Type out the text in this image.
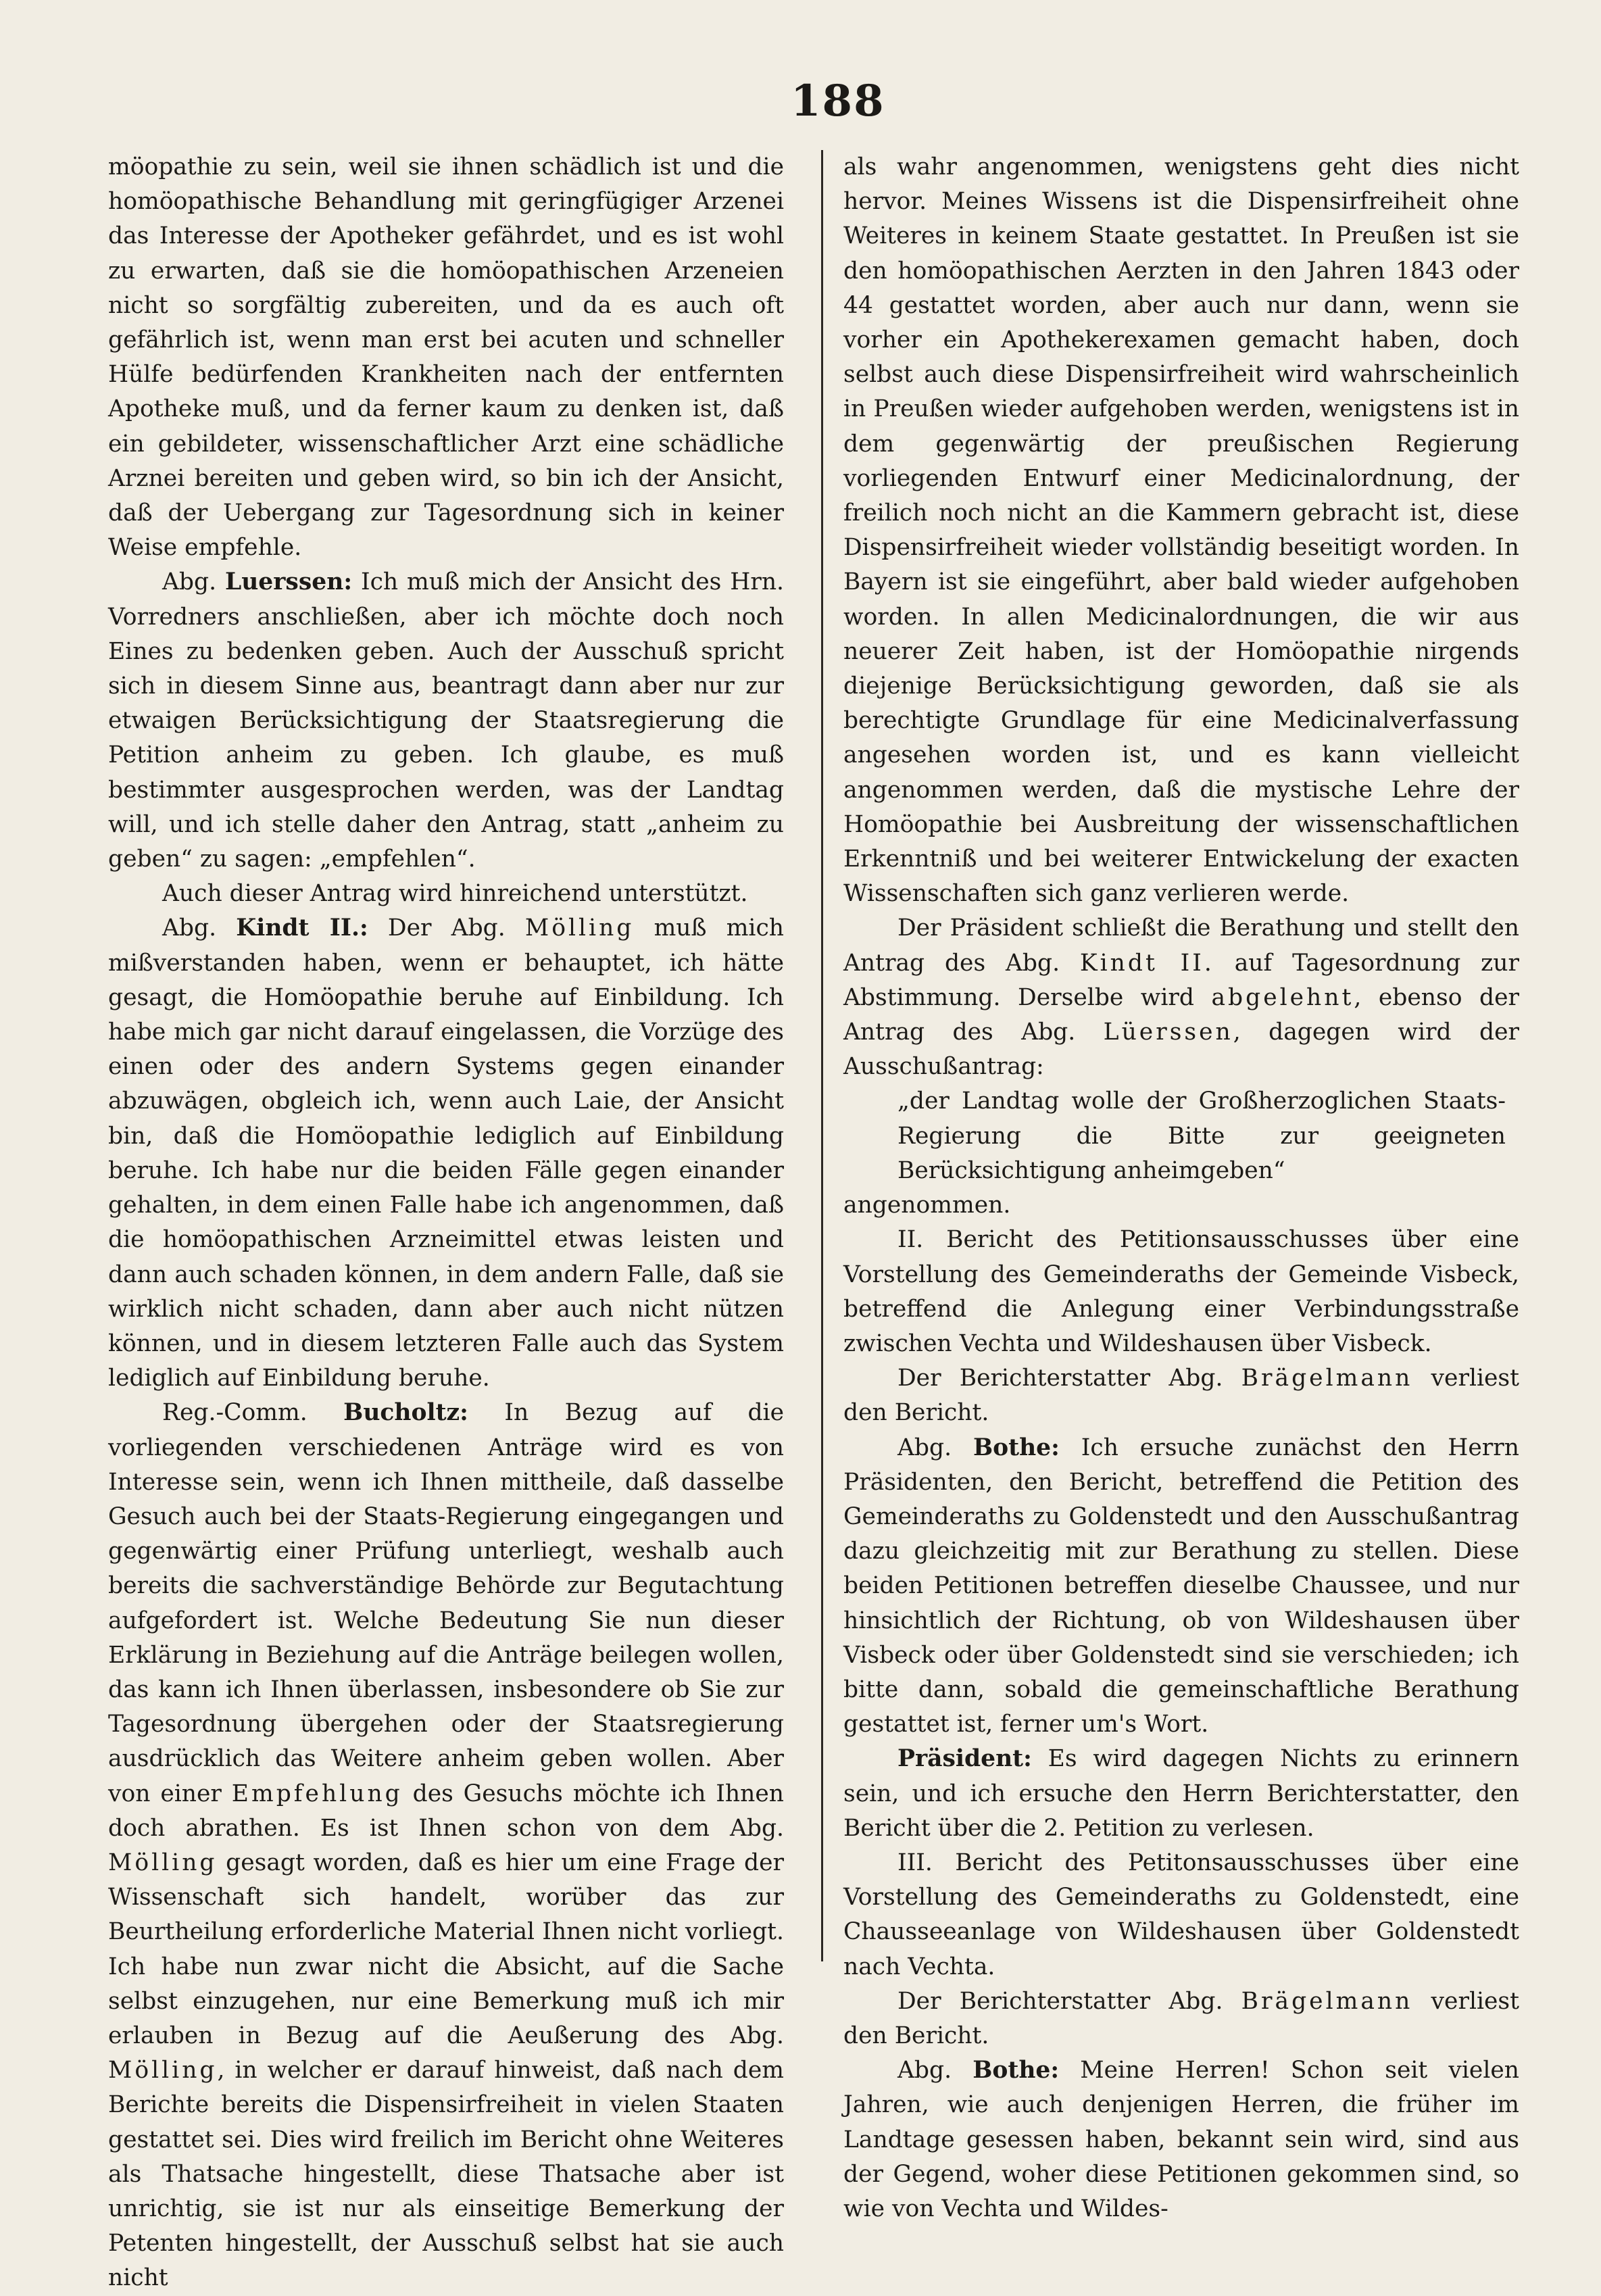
188

möopathie zu sein, weil sie ihnen schädlich ist und die homöopathische Behandlung mit geringfügiger Arzenei das Interesse der Apotheker gefährdet, und es ist wohl zu erwarten, daß sie die homöopathischen Arzeneien nicht so sorgfältig zubereiten, und da es auch oft gefährlich ist, wenn man erst bei acuten und schneller Hülfe bedürfenden Krankheiten nach der entfernten Apotheke muß, und da ferner kaum zu denken ist, daß ein gebildeter, wissenschaftlicher Arzt eine schädliche Arznei bereiten und geben wird, so bin ich der Ansicht, daß der Uebergang zur Tagesordnung sich in keiner Weise empfehle.

Abg. Luerssen: Ich muß mich der Ansicht des Hrn. Vorredners anschließen, aber ich möchte doch noch Eines zu bedenken geben. Auch der Ausschuß spricht sich in diesem Sinne aus, beantragt dann aber nur zur etwaigen Berücksichtigung der Staatsregierung die Petition anheim zu geben. Ich glaube, es muß bestimmter ausgesprochen werden, was der Landtag will, und ich stelle daher den Antrag, statt „anheim zu geben“ zu sagen: „empfehlen“.

Auch dieser Antrag wird hinreichend unterstützt.

Abg. Kindt II.: Der Abg. Mölling muß mich mißverstanden haben, wenn er behauptet, ich hätte gesagt, die Homöopathie beruhe auf Einbildung. Ich habe mich gar nicht darauf eingelassen, die Vorzüge des einen oder des andern Systems gegen einander abzuwägen, obgleich ich, wenn auch Laie, der Ansicht bin, daß die Homöopathie lediglich auf Einbildung beruhe. Ich habe nur die beiden Fälle gegen einander gehalten, in dem einen Falle habe ich angenommen, daß die homöopathischen Arzneimittel etwas leisten und dann auch schaden können, in dem andern Falle, daß sie wirklich nicht schaden, dann aber auch nicht nützen können, und in diesem letzteren Falle auch das System lediglich auf Einbildung beruhe.

Reg.-Comm. Bucholtz: In Bezug auf die vorliegenden verschiedenen Anträge wird es von Interesse sein, wenn ich Ihnen mittheile, daß dasselbe Gesuch auch bei der Staats-Regierung eingegangen und gegenwärtig einer Prüfung unterliegt, weshalb auch bereits die sachverständige Behörde zur Begutachtung aufgefordert ist. Welche Bedeutung Sie nun dieser Erklärung in Beziehung auf die Anträge beilegen wollen, das kann ich Ihnen überlassen, insbesondere ob Sie zur Tagesordnung übergehen oder der Staatsregierung ausdrücklich das Weitere anheim geben wollen. Aber von einer Empfehlung des Gesuchs möchte ich Ihnen doch abrathen. Es ist Ihnen schon von dem Abg. Mölling gesagt worden, daß es hier um eine Frage der Wissenschaft sich handelt, worüber das zur Beurtheilung erforderliche Material Ihnen nicht vorliegt. Ich habe nun zwar nicht die Absicht, auf die Sache selbst einzugehen, nur eine Bemerkung muß ich mir erlauben in Bezug auf die Aeußerung des Abg. Mölling, in welcher er darauf hinweist, daß nach dem Berichte bereits die Dispensirfreiheit in vielen Staaten gestattet sei. Dies wird freilich im Bericht ohne Weiteres als Thatsache hingestellt, diese Thatsache aber ist unrichtig, sie ist nur als einseitige Bemerkung der Petenten hingestellt, der Ausschuß selbst hat sie auch nicht

als wahr angenommen, wenigstens geht dies nicht hervor. Meines Wissens ist die Dispensirfreiheit ohne Weiteres in keinem Staate gestattet. In Preußen ist sie den homöopathischen Aerzten in den Jahren 1843 oder 44 gestattet worden, aber auch nur dann, wenn sie vorher ein Apothekerexamen gemacht haben, doch selbst auch diese Dispensirfreiheit wird wahrscheinlich in Preußen wieder aufgehoben werden, wenigstens ist in dem gegenwärtig der preußischen Regierung vorliegenden Entwurf einer Medicinalordnung, der freilich noch nicht an die Kammern gebracht ist, diese Dispensirfreiheit wieder vollständig beseitigt worden. In Bayern ist sie eingeführt, aber bald wieder aufgehoben worden. In allen Medicinalordnungen, die wir aus neuerer Zeit haben, ist der Homöopathie nirgends diejenige Berücksichtigung geworden, daß sie als berechtigte Grundlage für eine Medicinalverfassung angesehen worden ist, und es kann vielleicht angenommen werden, daß die mystische Lehre der Homöopathie bei Ausbreitung der wissenschaftlichen Erkenntniß und bei weiterer Entwickelung der exacten Wissenschaften sich ganz verlieren werde.

Der Präsident schließt die Berathung und stellt den Antrag des Abg. Kindt II. auf Tagesordnung zur Abstimmung. Derselbe wird abgelehnt, ebenso der Antrag des Abg. Lüerssen, dagegen wird der Ausschußantrag:

„der Landtag wolle der Großherzoglichen Staats-Regierung die Bitte zur geeigneten Berücksichtigung anheimgeben“

angenommen.

II. Bericht des Petitionsausschusses über eine Vorstellung des Gemeinderaths der Gemeinde Visbeck, betreffend die Anlegung einer Verbindungsstraße zwischen Vechta und Wildeshausen über Visbeck.

Der Berichterstatter Abg. Brägelmann verliest den Bericht.

Abg. Bothe: Ich ersuche zunächst den Herrn Präsidenten, den Bericht, betreffend die Petition des Gemeinderaths zu Goldenstedt und den Ausschußantrag dazu gleichzeitig mit zur Berathung zu stellen. Diese beiden Petitionen betreffen dieselbe Chaussee, und nur hinsichtlich der Richtung, ob von Wildeshausen über Visbeck oder über Goldenstedt sind sie verschieden; ich bitte dann, sobald die gemeinschaftliche Berathung gestattet ist, ferner um's Wort.

Präsident: Es wird dagegen Nichts zu erinnern sein, und ich ersuche den Herrn Berichterstatter, den Bericht über die 2. Petition zu verlesen.

III. Bericht des Petitonsausschusses über eine Vorstellung des Gemeinderaths zu Goldenstedt, eine Chausseeanlage von Wildeshausen über Goldenstedt nach Vechta.

Der Berichterstatter Abg. Brägelmann verliest den Bericht.

Abg. Bothe: Meine Herren! Schon seit vielen Jahren, wie auch denjenigen Herren, die früher im Landtage gesessen haben, bekannt sein wird, sind aus der Gegend, woher diese Petitionen gekommen sind, so wie von Vechta und Wildes-
